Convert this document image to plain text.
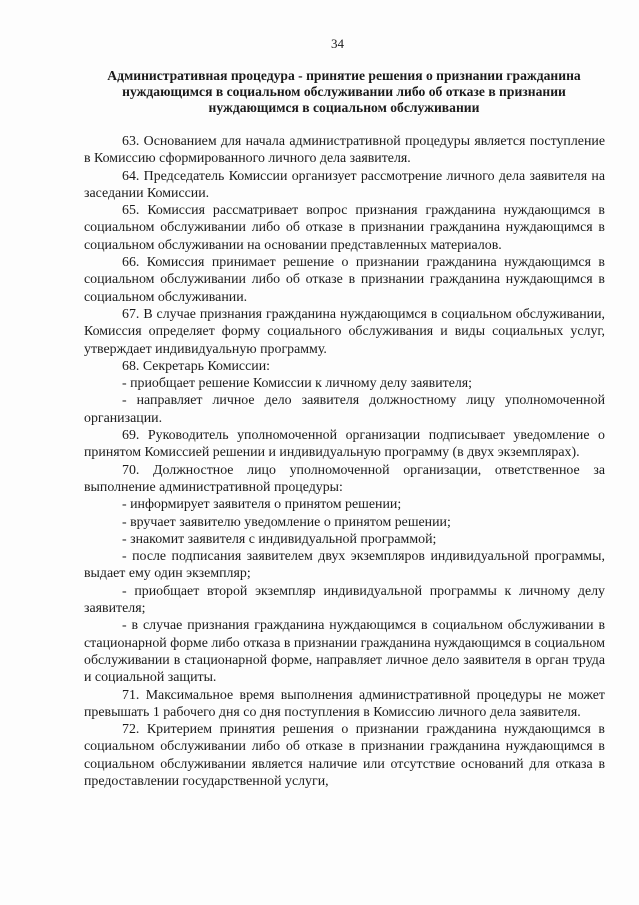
34
Административная процедура - принятие решения о признании гражданина нуждающимся в социальном обслуживании либо об отказе в признании нуждающимся в социальном обслуживании

63. Основанием для начала административной процедуры является поступление в Комиссию сформированного личного дела заявителя.

64. Председатель Комиссии организует рассмотрение личного дела заявителя на заседании Комиссии.

65. Комиссия рассматривает вопрос признания гражданина нуждающимся в социальном обслуживании либо об отказе в признании гражданина нуждающимся в социальном обслуживании на основании представленных материалов.

66. Комиссия принимает решение о признании гражданина нуждающимся в социальном обслуживании либо об отказе в признании гражданина нуждающимся в социальном обслуживании.

67. В случае признания гражданина нуждающимся в социальном обслуживании, Комиссия определяет форму социального обслуживания и виды социальных услуг, утверждает индивидуальную программу.

68. Секретарь Комиссии:

- приобщает решение Комиссии к личному делу заявителя;

- направляет личное дело заявителя должностному лицу уполномоченной организации.

69. Руководитель уполномоченной организации подписывает уведомление о принятом Комиссией решении и индивидуальную программу (в двух экземплярах).

70. Должностное лицо уполномоченной организации, ответственное за выполнение административной процедуры:

- информирует заявителя о принятом решении;

- вручает заявителю уведомление о принятом решении;

- знакомит заявителя с индивидуальной программой;

- после подписания заявителем двух экземпляров индивидуальной программы, выдает ему один экземпляр;

- приобщает второй экземпляр индивидуальной программы к личному делу заявителя;

- в случае признания гражданина нуждающимся в социальном обслуживании в стационарной форме либо отказа в признании гражданина нуждающимся в социальном обслуживании в стационарной форме, направляет личное дело заявителя в орган труда и социальной защиты.

71. Максимальное время выполнения административной процедуры не может превышать 1 рабочего дня со дня поступления в Комиссию личного дела заявителя.

72. Критерием принятия решения о признании гражданина нуждающимся в социальном обслуживании либо об отказе в признании гражданина нуждающимся в социальном обслуживании является наличие или отсутствие оснований для отказа в предоставлении государственной услуги,
